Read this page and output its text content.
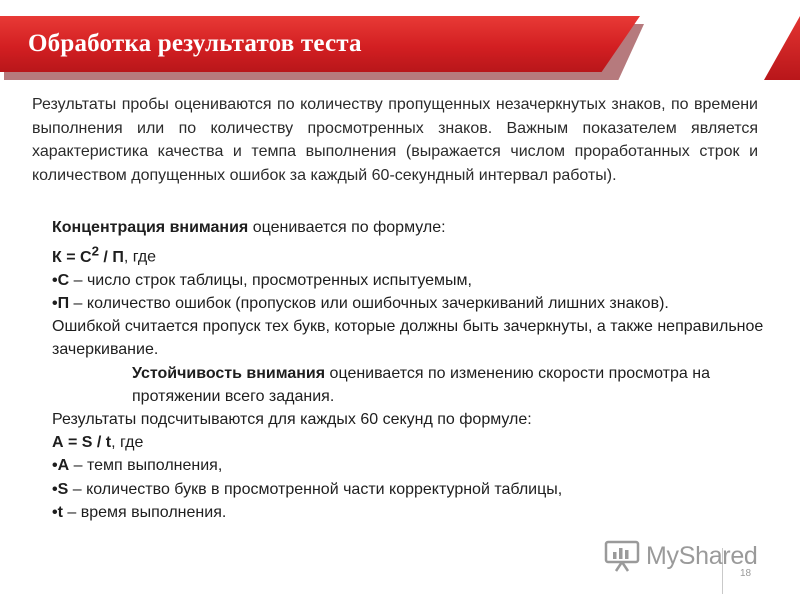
Обработка результатов теста

Результаты пробы оцениваются по количеству пропущенных незачеркнутых знаков, по времени выполнения или по количеству просмотренных знаков. Важным показателем является характеристика качества и темпа выполнения (выражается числом проработанных строк и количеством допущенных ошибок за каждый 60-секундный интервал работы).

Концентрация внимания оценивается по формуле:

$К = С^2 / П$, где

•С – число строк таблицы, просмотренных испытуемым,

•П – количество ошибок (пропусков или ошибочных зачеркиваний лишних знаков).

Ошибкой считается пропуск тех букв, которые должны быть зачеркнуты, а также неправильное зачеркивание.

Устойчивость внимания оценивается по изменению скорости просмотра на протяжении всего задания.

Результаты подсчитываются для каждых 60 секунд по формуле:

А = S / t, где

•А – темп выполнения,

•S – количество букв в просмотренной части корректурной таблицы,

•t – время выполнения.

MyShared
18
